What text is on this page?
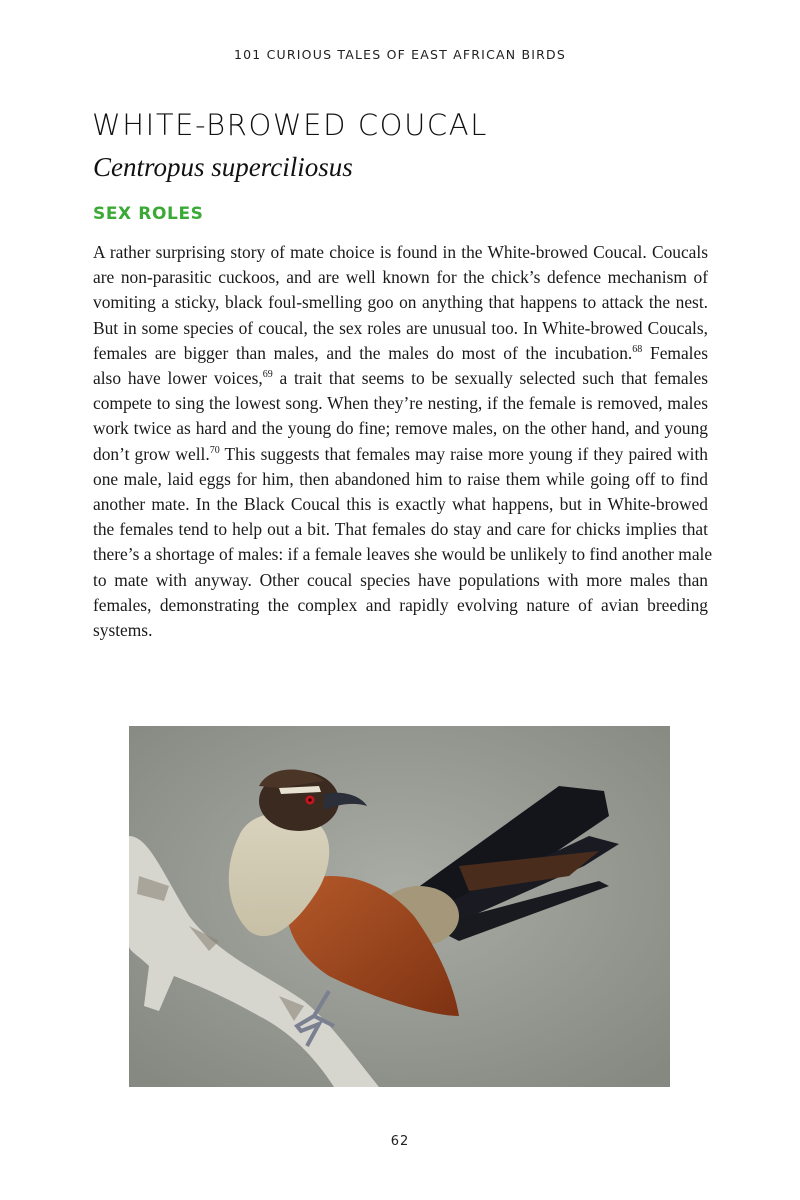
101 CURIOUS TALES OF EAST AFRICAN BIRDS
WHITE-BROWED COUCAL
Centropus superciliosus
SEX ROLES
A rather surprising story of mate choice is found in the White-browed Coucal. Coucals
are non-parasitic cuckoos, and are well known for the chick’s defence mechanism of
vomiting a sticky, black foul-smelling goo on anything that happens to attack the nest.
But in some species of coucal, the sex roles are unusual too. In White-browed Coucals,
females are bigger than males, and the males do most of the incubation.$^{68}$ Females
also have lower voices,$^{69}$ a trait that seems to be sexually selected such that females
compete to sing the lowest song. When they’re nesting, if the female is removed, males
work twice as hard and the young do fine; remove males, on the other hand, and young
don’t grow well.$^{70}$ This suggests that females may raise more young if they paired with
one male, laid eggs for him, then abandoned him to raise them while going off to find
another mate. In the Black Coucal this is exactly what happens, but in White-browed
the females tend to help out a bit. That females do stay and care for chicks implies that
there’s a shortage of males: if a female leaves she would be unlikely to find another male
to mate with anyway. Other coucal species have populations with more males than
females, demonstrating the complex and rapidly evolving nature of avian breeding
systems.
62
